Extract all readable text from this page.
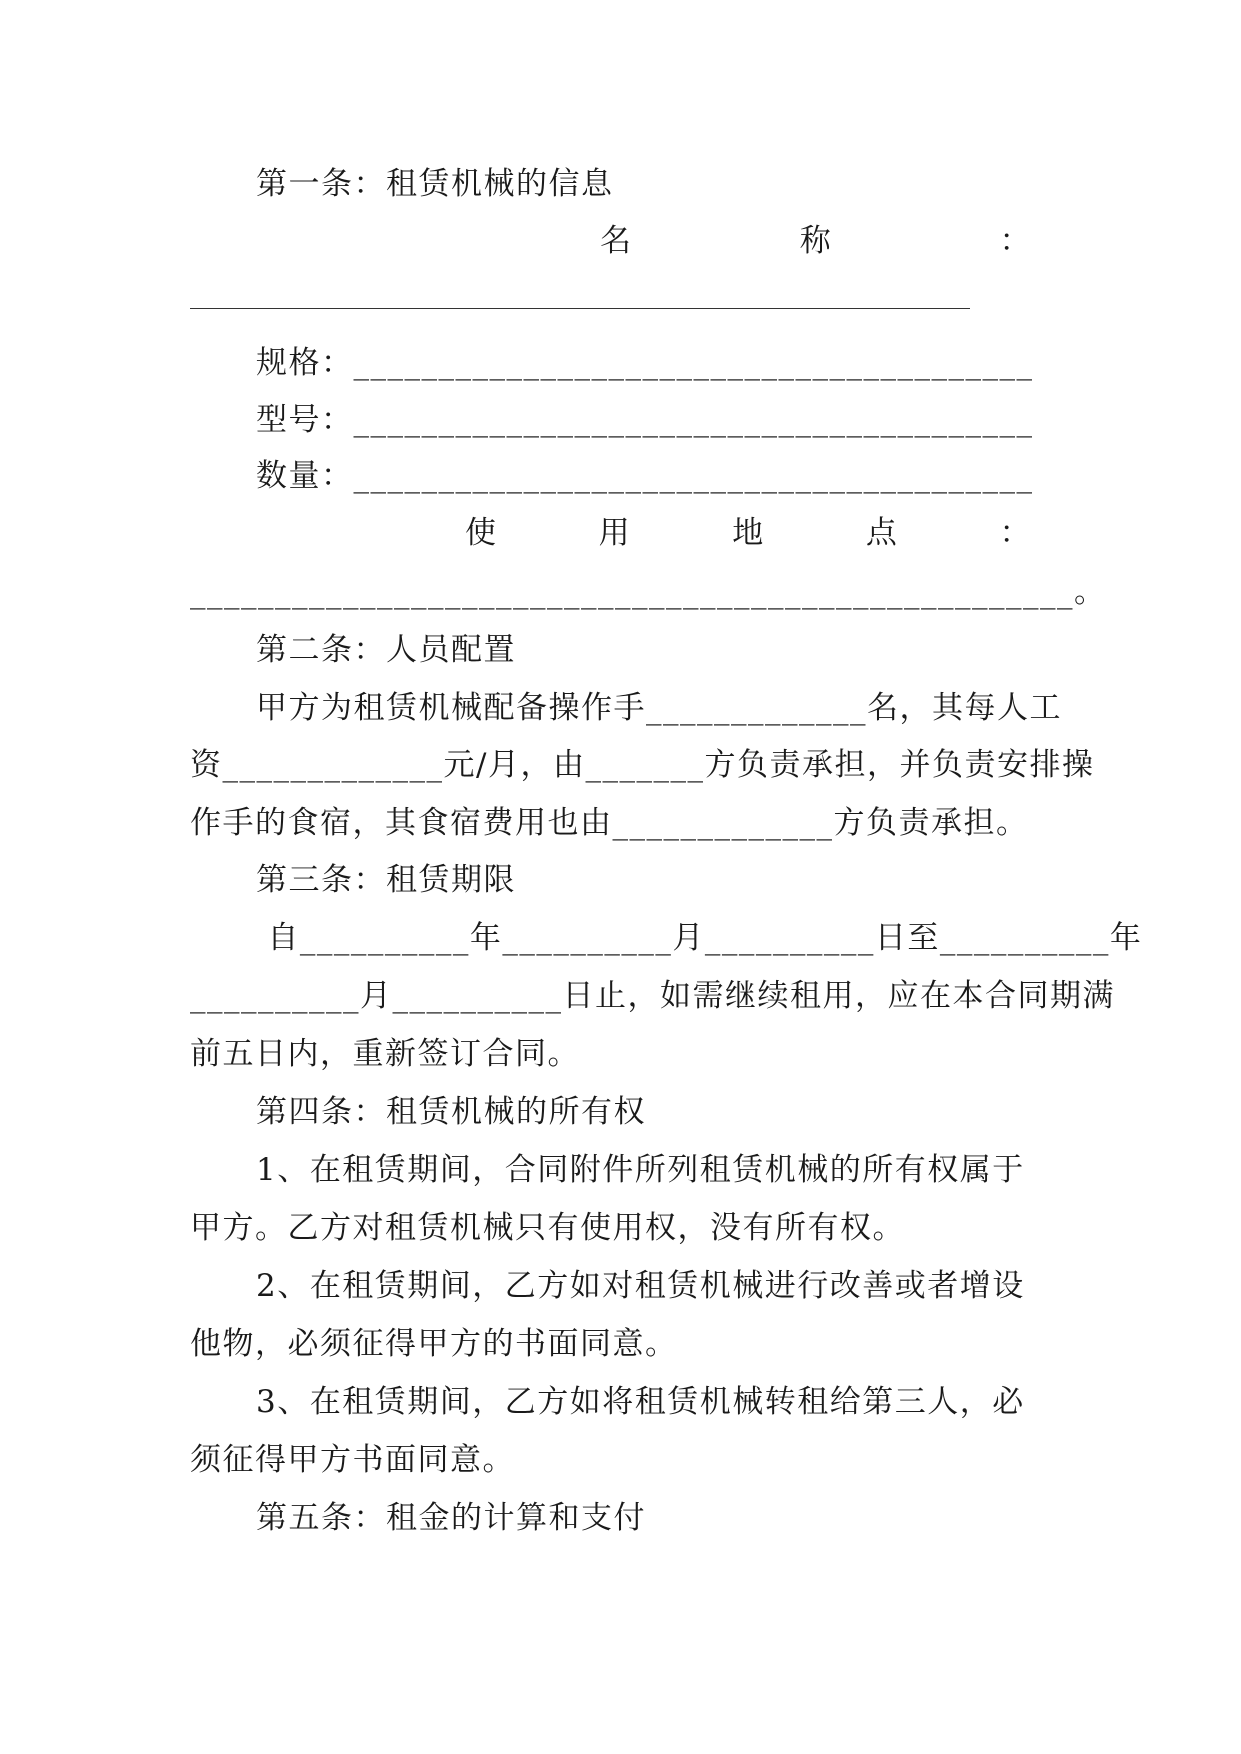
第一条：租赁机械的信息
名	称	：
规格：________________________________________
型号：________________________________________
数量：________________________________________
使	用	地	点	：
____________________________________________________。
第二条：人员配置
甲方为租赁机械配备操作手_____________名，其每人工
资_____________元/月，由_______方负责承担，并负责安排操
作手的食宿，其食宿费用也由_____________方负责承担。
第三条：租赁期限
自__________年__________月__________日至__________年
__________月__________日止，如需继续租用，应在本合同期满
前五日内，重新签订合同。
第四条：租赁机械的所有权
1、在租赁期间，合同附件所列租赁机械的所有权属于
甲方。乙方对租赁机械只有使用权，没有所有权。
2、在租赁期间，乙方如对租赁机械进行改善或者增设
他物，必须征得甲方的书面同意。
3、在租赁期间，乙方如将租赁机械转租给第三人，必
须征得甲方书面同意。
第五条：租金的计算和支付
